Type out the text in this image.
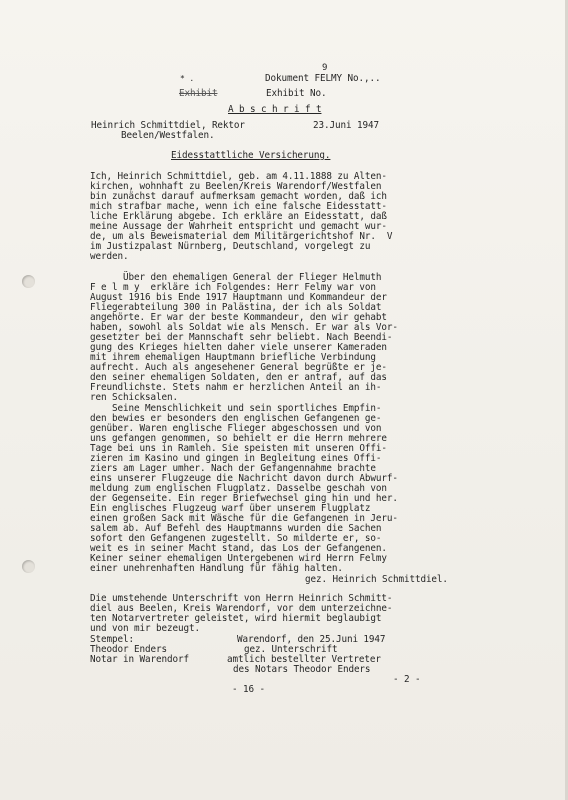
9
Dokument FELMY No.,..
* .
Exhibit	Exhibit No.
A b s c h r i f t
Heinrich Schmittdiel, Rektor
Beelen/Westfalen.
23.Juni 1947
Eidesstattliche Versicherung.
Ich, Heinrich Schmittdiel, geb. am 4.11.1888 zu Alten-
kirchen, wohnhaft zu Beelen/Kreis Warendorf/Westfalen
bin zunächst darauf aufmerksam gemacht worden, daß ich
mich strafbar mache, wenn ich eine falsche Eidesstatt-
liche Erklärung abgebe. Ich erkläre an Eidesstatt, daß
meine Aussage der Wahrheit entspricht und gemacht wur-
de, um als Beweismaterial dem Militärgerichtshof Nr.  V
im Justizpalast Nürnberg, Deutschland, vorgelegt zu
werden.
Über den ehemaligen General der Flieger Helmuth
F e l m y  erkläre ich Folgendes: Herr Felmy war von
August 1916 bis Ende 1917 Hauptmann und Kommandeur der
Fliegerabteilung 300 in Palästina, der ich als Soldat
angehörte. Er war der beste Kommandeur, den wir gehabt
haben, sowohl als Soldat wie als Mensch. Er war als Vor-
gesetzter bei der Mannschaft sehr beliebt. Nach Beendi-
gung des Krieges hielten daher viele unserer Kameraden
mit ihrem ehemaligen Hauptmann briefliche Verbindung
aufrecht. Auch als angesehener General begrüßte er je-
den seiner ehemaligen Soldaten, den er antraf, auf das
Freundlichste. Stets nahm er herzlichen Anteil an ih-
ren Schicksalen.
Seine Menschlichkeit und sein sportliches Empfin-
den bewies er besonders den englischen Gefangenen ge-
genüber. Waren englische Flieger abgeschossen und von
uns gefangen genommen, so behielt er die Herrn mehrere
Tage bei uns in Ramleh. Sie speisten mit unseren Offi-
zieren im Kasino und gingen in Begleitung eines Offi-
ziers am Lager umher. Nach der Gefangennahme brachte
eins unserer Flugzeuge die Nachricht davon durch Abwurf-
meldung zum englischen Flugplatz. Dasselbe geschah von
der Gegenseite. Ein reger Briefwechsel ging hin und her.
Ein englisches Flugzeug warf über unserem Flugplatz
einen großen Sack mit Wäsche für die Gefangenen in Jeru-
salem ab. Auf Befehl des Hauptmanns wurden die Sachen
sofort den Gefangenen zugestellt. So milderte er, so-
weit es in seiner Macht stand, das Los der Gefangenen.
Keiner seiner ehemaligen Untergebenen wird Herrn Felmy
einer unehrenhaften Handlung für fähig halten.
gez. Heinrich Schmittdiel.
Die umstehende Unterschrift von Herrn Heinrich Schmitt-
diel aus Beelen, Kreis Warendorf, vor dem unterzeichne-
ten Notarvertreter geleistet, wird hiermit beglaubigt
und von mir bezeugt.
Stempel:
Theodor Enders
Notar in Warendorf
Warendorf, den 25.Juni 1947
gez. Unterschrift
amtlich bestellter Vertreter
des Notars Theodor Enders
- 16 -
- 2 -
